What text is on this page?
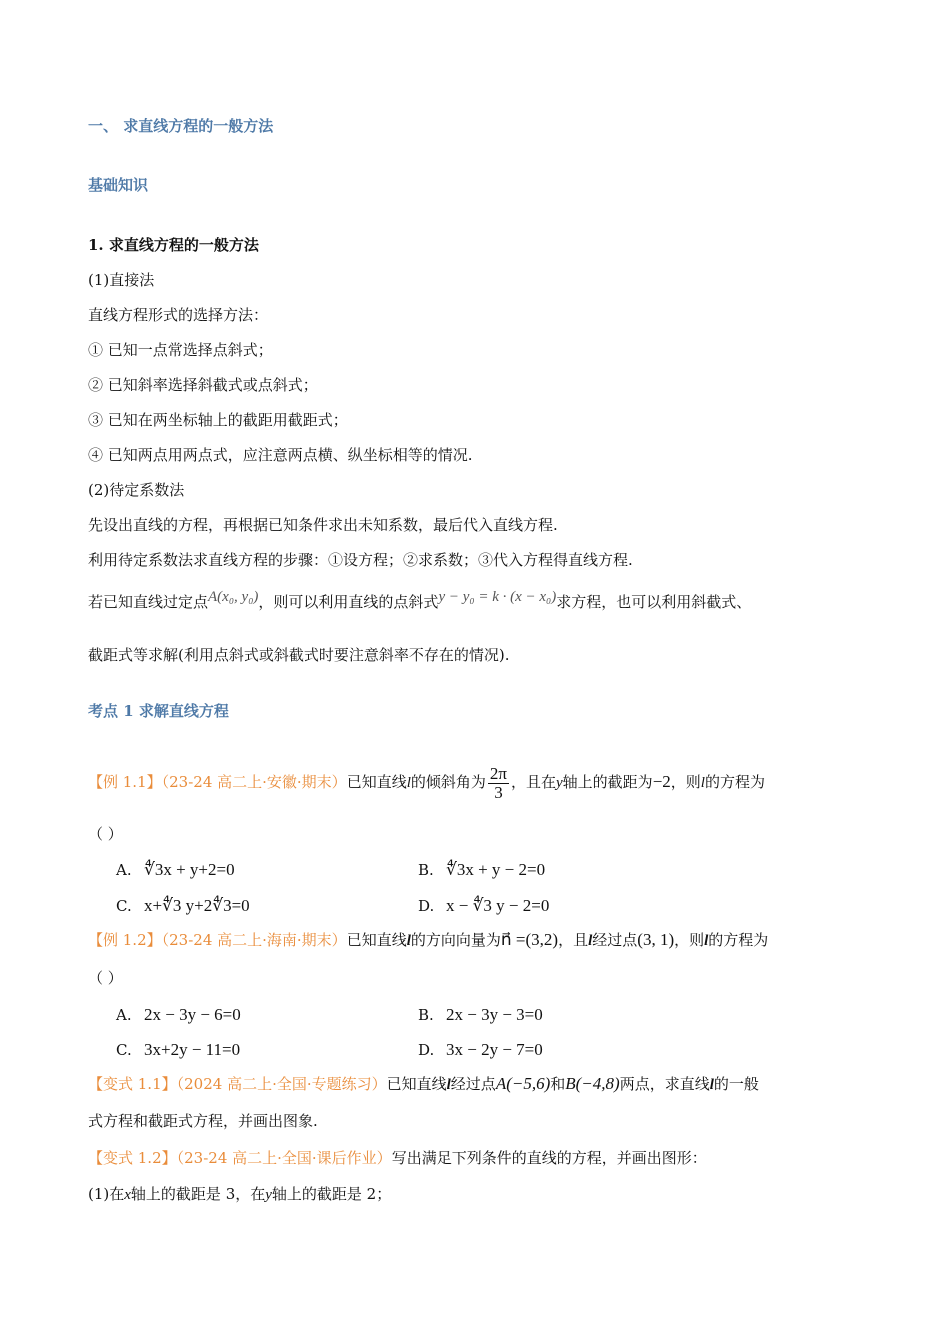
一、 求直线方程的一般方法
基础知识
1. 求直线方程的一般方法
(1)直接法
直线方程形式的选择方法：
① 已知一点常选择点斜式；
② 已知斜率选择斜截式或点斜式；
③ 已知在两坐标轴上的截距用截距式；
④ 已知两点用两点式，应注意两点横、纵坐标相等的情况.
(2)待定系数法
先设出直线的方程，再根据已知条件求出未知系数，最后代入直线方程.
利用待定系数法求直线方程的步骤：①设方程；②求系数；③代入方程得直线方程.
若已知直线过定点A(x₀, y₀)，则可以利用直线的点斜式y − y₀ = k · (x − x₀)求方程，也可以利用斜截式、
截距式等求解(利用点斜式或斜截式时要注意斜率不存在的情况).
考点 1 求解直线方程
【例 1.1】（23-24 高二上·安徽·期末）已知直线l的倾斜角为 $\frac{2\pi}{3}$ ，且在y轴上的截距为−2，则l的方程为
（ ）
A. ∜3x + y+2=0	B. ∜3x + y − 2=0
C. x+∜3 y+2∜3=0	D. x − ∜3 y − 2=0
【例 1.2】（23-24 高二上·海南·期末）已知直线l的方向向量为n⃗ =(3,2)，且l经过点(3, 1)，则l的方程为
（ ）
A. 2x − 3y − 6=0	B. 2x − 3y − 3=0
C. 3x+2y − 11=0	D. 3x − 2y − 7=0
【变式 1.1】（2024 高二上·全国·专题练习）已知直线l经过点A(−5,6)和B(−4,8)两点，求直线l的一般
式方程和截距式方程，并画出图象.
【变式 1.2】（23-24 高二上·全国·课后作业）写出满足下列条件的直线的方程，并画出图形：
(1)在x轴上的截距是 3，在y轴上的截距是 2；
